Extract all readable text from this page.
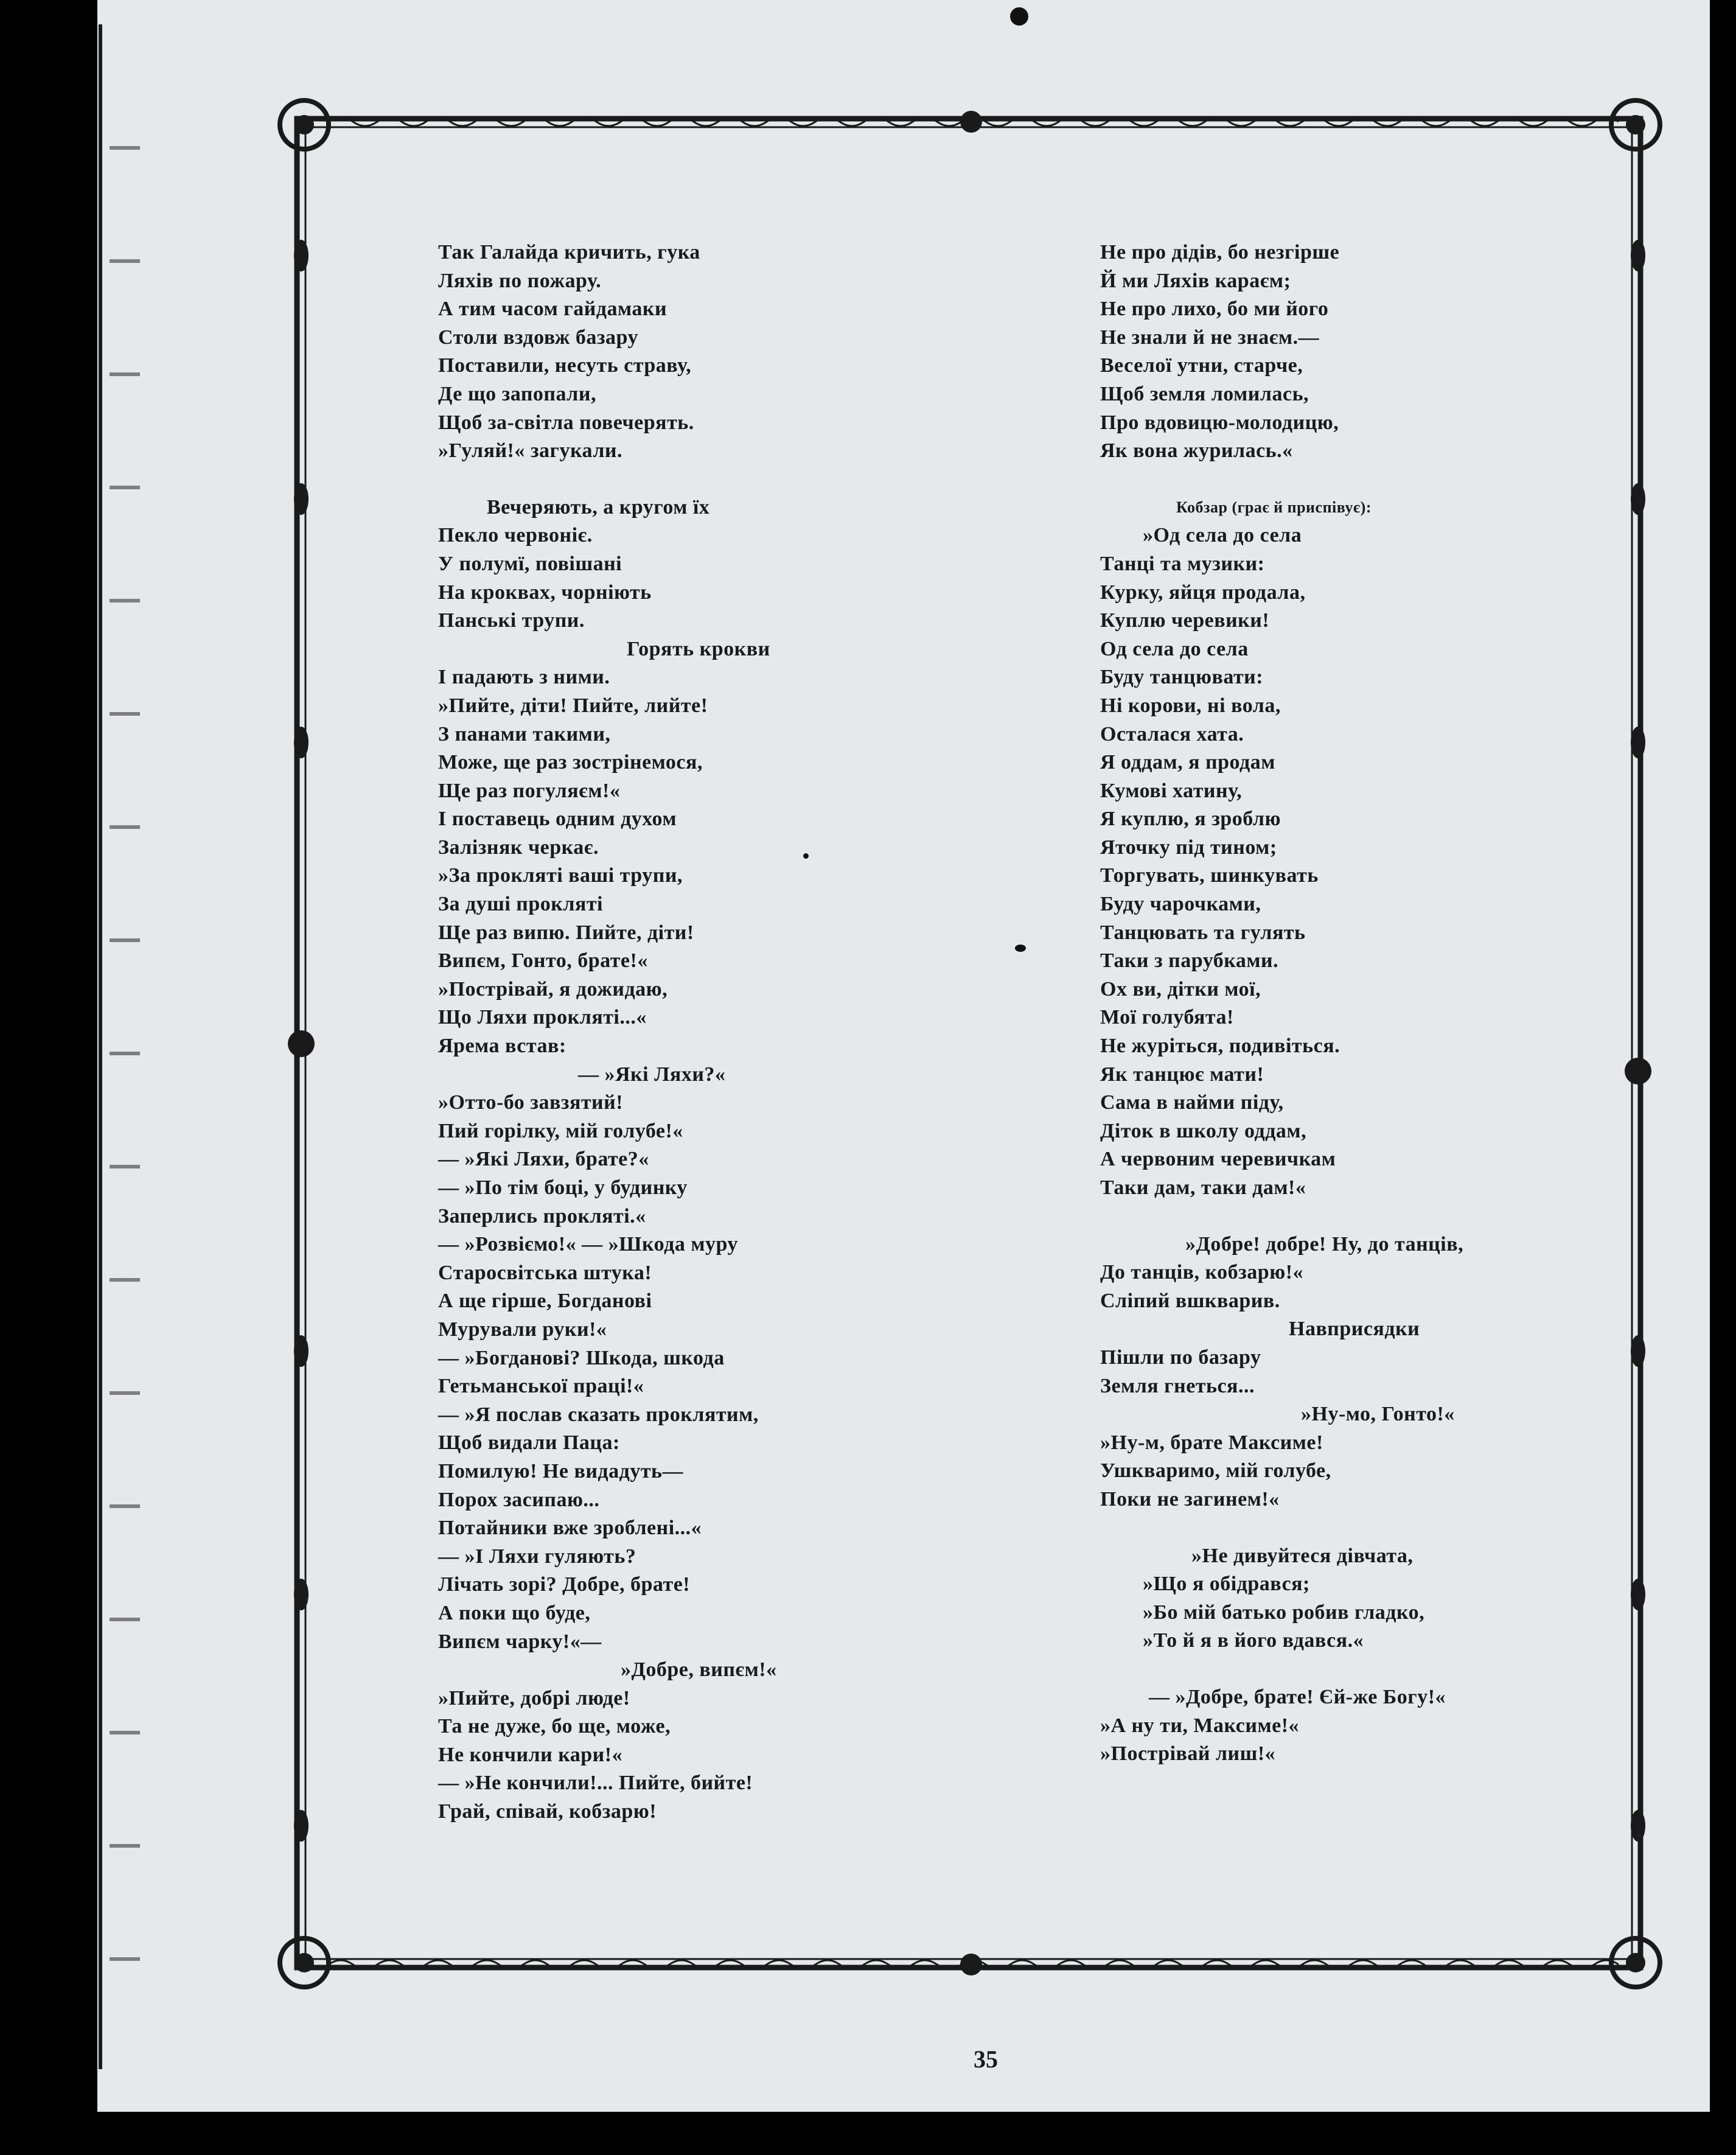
Так Галайда кричить, гука
Ляхів по пожару.
А тим часом гайдамаки
Столи вздовж базару
Поставили, несуть страву,
Де що запопали,
Щоб за-світла повечерять.
»Гуляй!« загукали.
Вечеряють, а кругом їх
Пекло червоніє.
У полумї, повішані
На крокваx, чорніють
Панські трупи.
Горять крокви
І падають з ними.
»Пийте, діти! Пийте, лийте!
З панами такими,
Може, ще раз зострінемося,
Ще раз погуляєм!«
І поставець одним духом
Залізняк черкає.
»За прокляті ваші трупи,
За душі прокляті
Ще раз випю. Пийте, діти!
Випєм, Гонто, брате!«
»Пострівай, я дожидаю,
Що Ляхи прокляті...«
Ярема встав:
— »Які Ляхи?«
»Отто-бо завзятий!
Пий горілку, мій голубе!«
— »Які Ляхи, брате?«
— »По тім боці, у будинку
Заперлись прокляті.«
— »Розвіємо!« — »Шкода муру
Старосвітська штука!
А ще гірше, Богданові
Мурували руки!«
— »Богданові? Шкода, шкода
Гетьманської праці!«
— »Я послав сказать проклятим,
Щоб видали Паца:
Помилую! Не видадуть—
Порох засипаю...
Потайники вже зроблені...«
— »І Ляхи гуляють?
Лічать зорі? Добре, брате!
А поки що буде,
Випєм чарку!«—
»Добре, випєм!«
»Пийте, добрі люде!
Та не дуже, бо ще, може,
Не кончили кари!«
— »Не кончили!... Пийте, бийте!
Грай, співай, кобзарю!
Не про дідів, бо незгірше
Й ми Ляхів караєм;
Не про лихо, бо ми його
Не знали й не знаєм.—
Веселої утни, старче,
Щоб земля ломилась,
Про вдовицю-молодицю,
Як вона журилась.«
Кобзар (грає й приспівує):
»Од села до села
Танці та музики:
Курку, яйця продала,
Куплю черевики!
Од села до села
Буду танцювати:
Ні корови, ні вола,
Осталася хата.
Я оддам, я продам
Кумові хатину,
Я куплю, я зроблю
Яточку під тином;
Торгувать, шинкувать
Буду чарочками,
Танцювать та гулять
Таки з парубками.
Ох ви, дітки мої,
Мої голубята!
Не журіться, подивіться.
Як танцює мати!
Сама в найми піду,
Діток в школу оддам,
А червоним черевичкам
Таки дам, таки дам!«
»Добре! добре! Ну, до танців,
До танців, кобзарю!«
Сліпий вшкварив.
Навприсядки
Пішли по базару
Земля гнеться...
»Ну-мо, Гонто!«
»Ну-м, брате Максиме!
Ушкваримо, мій голубе,
Поки не загинем!«
»Не дивуйтеся дівчата,
»Що я обідрався;
»Бо мій батько робив гладко,
»То й я в його вдався.«
— »Добре, брате! Єй-же Богу!«
»А ну ти, Максиме!«
»Пострівай лиш!«
35
